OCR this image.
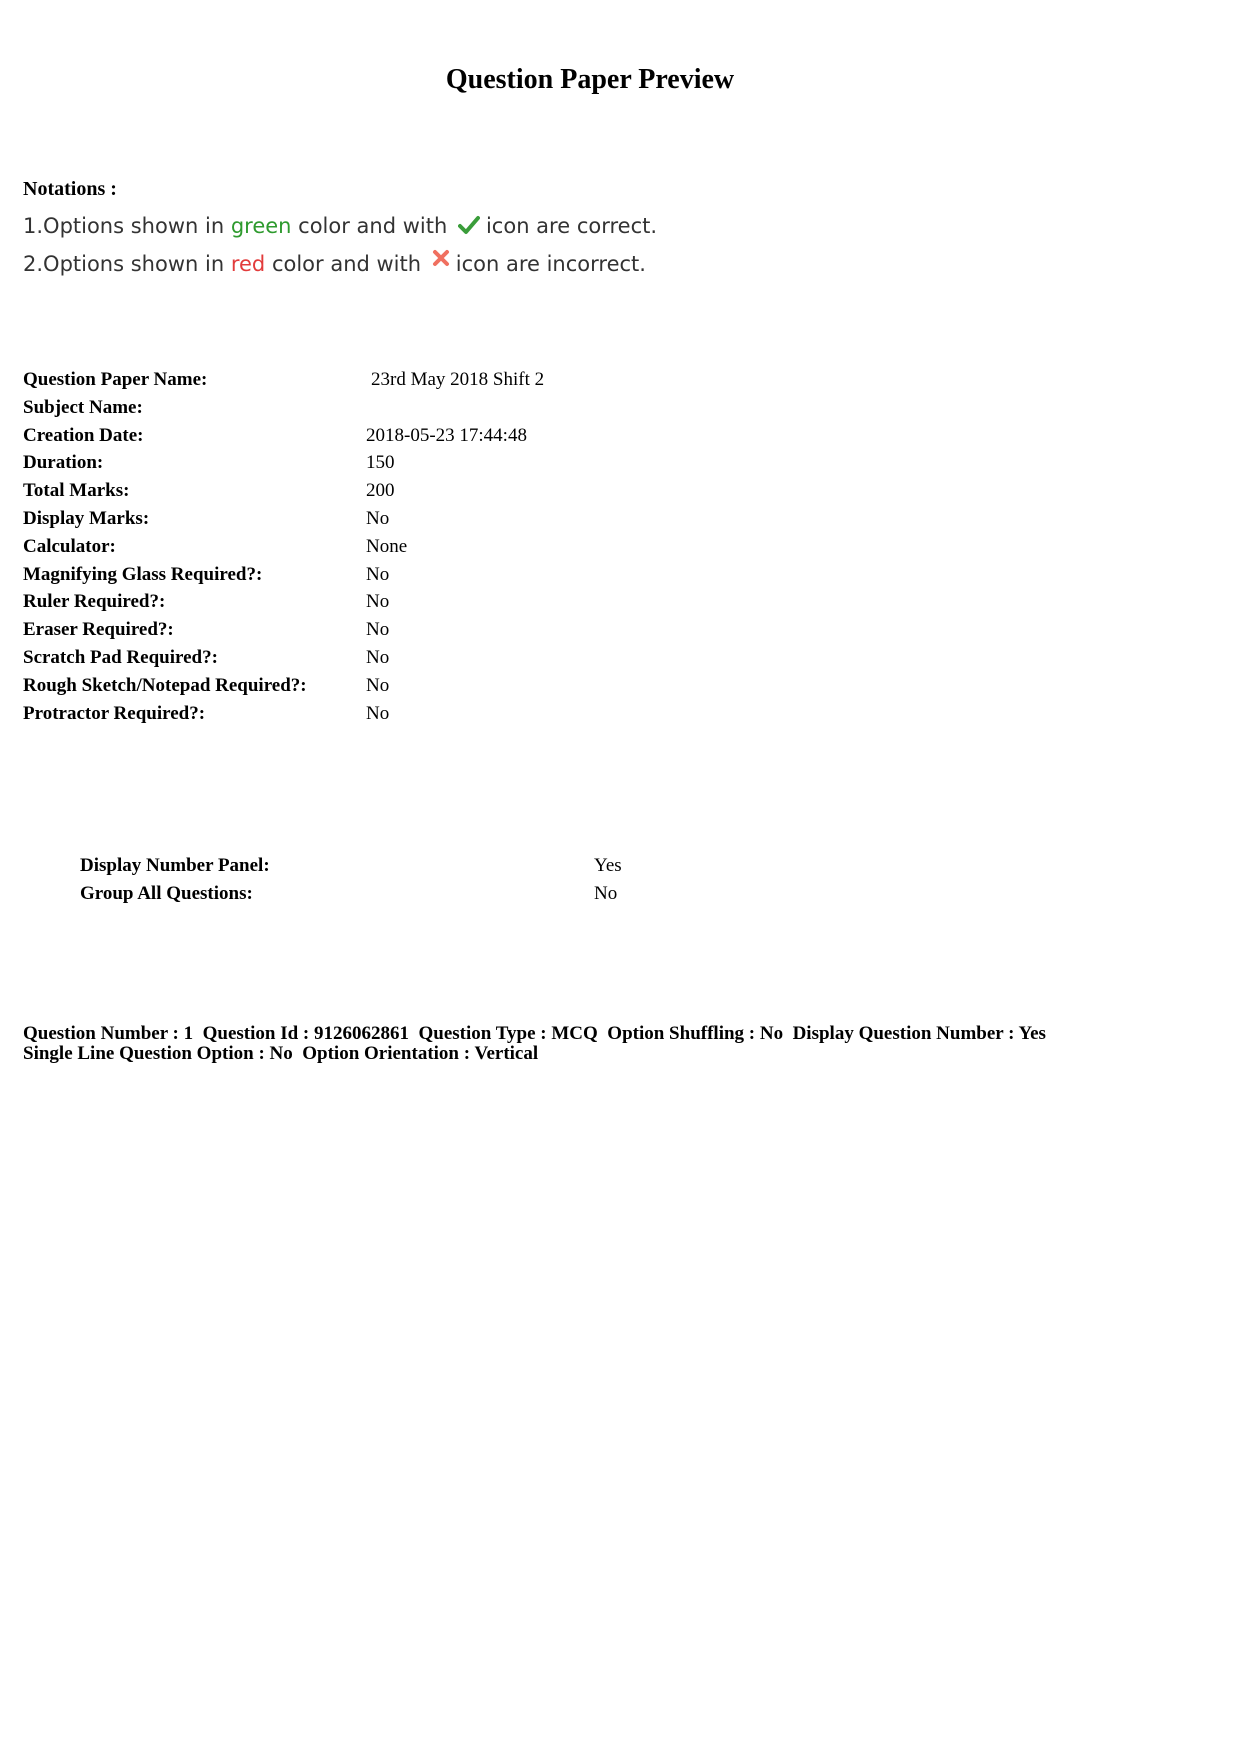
Question Paper Preview
Notations :
1.Options shown in green color and with icon are correct.
2.Options shown in red color and with icon are incorrect.
Question Paper Name:	23rd May 2018 Shift 2
Subject Name:
Creation Date:	2018-05-23 17:44:48
Duration:	150
Total Marks:	200
Display Marks:	No
Calculator:	None
Magnifying Glass Required?:	No
Ruler Required?:	No
Eraser Required?:	No
Scratch Pad Required?:	No
Rough Sketch/Notepad Required?:	No
Protractor Required?:	No
Display Number Panel:	Yes
Group All Questions:	No
Question Number : 1  Question Id : 9126062861  Question Type : MCQ  Option Shuffling : No  Display Question Number : Yes
Single Line Question Option : No  Option Orientation : Vertical
